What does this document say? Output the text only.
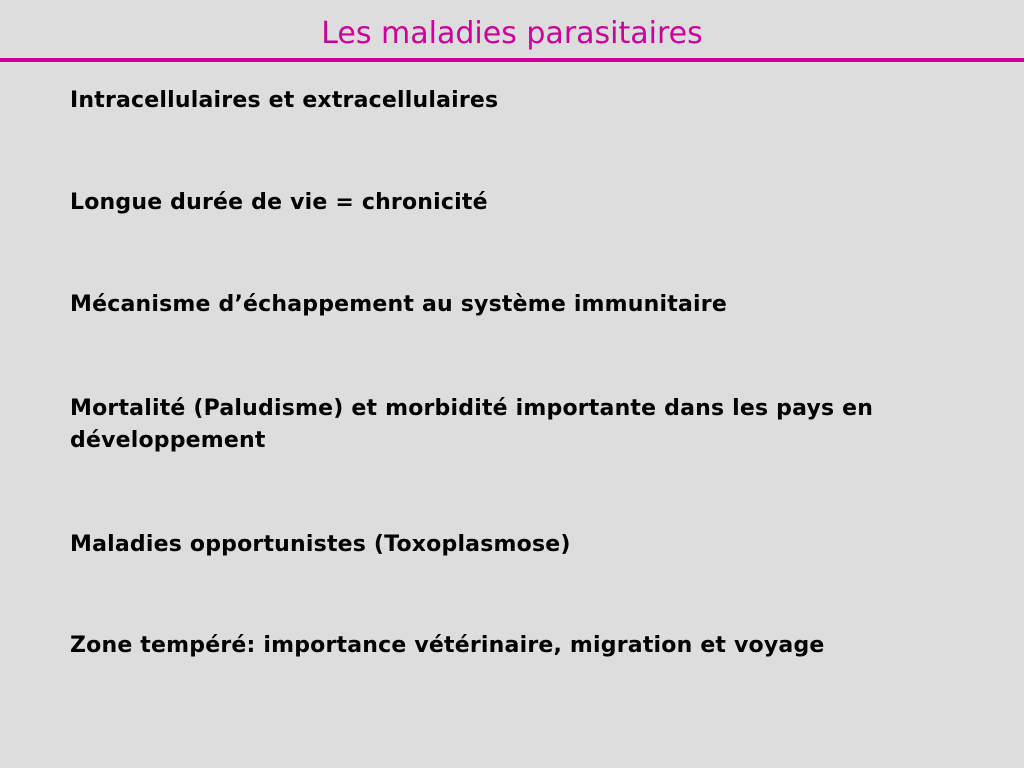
Les maladies parasitaires
Intracellulaires et extracellulaires
Longue durée de vie = chronicité
Mécanisme d’échappement au système immunitaire
Mortalité (Paludisme) et morbidité importante dans les pays en développement
Maladies opportunistes (Toxoplasmose)
Zone tempéré: importance vétérinaire, migration et voyage
